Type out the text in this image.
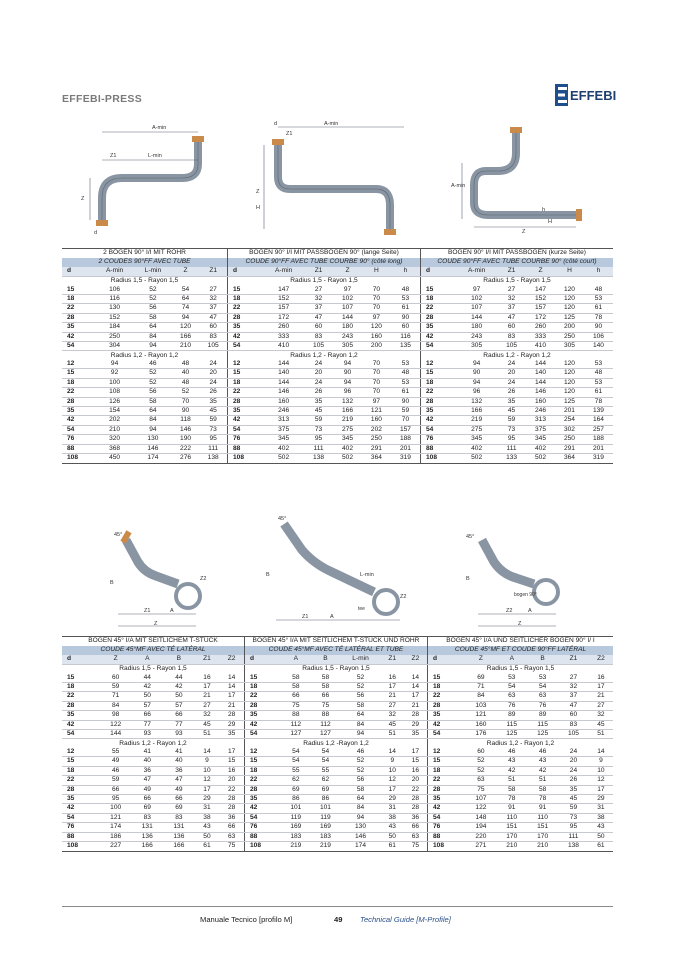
EFFEBI-PRESS	EFFEBI
A-min
Z1	L-min
Z
d
A-min
Z1
d
Z
H
A-min
h
H
Z
45°
B
Z2
Z1	A
Z
45°
B	L-min
tee
Z2
A
Z1
45°
B
bogen 90°
A
Z2
Z
2 BÖGEN 90° I/I MIT ROHR				
2 COUDES 90°FF AVEC TUBE				
d	A-min	L-min	Z	Z1
Radius 1,5 - Rayon 1,5				
15	106	52	54	27
18	116	52	64	32
22	130	56	74	37
28	152	58	94	47
35	184	64	120	60
42	250	84	166	83
54	304	94	210	105
Radius 1,2 - Rayon 1,2				
12	94	46	48	24
15	92	52	40	20
18	100	52	48	24
22	108	56	52	26
28	126	58	70	35
35	154	64	90	45
42	202	84	118	59
54	210	94	146	73
76	320	130	190	95
88	368	146	222	111
108	450	174	276	138
BOGEN 90° I/I MIT PASSBOGEN 90° (lange Seite)					
COUDE 90°FF AVEC TUBE COURBE 90° (côté long)					
d	A-min	Z1	Z	H	h
Radius 1,5 - Rayon 1,5					
15	147	27	97	70	48
18	152	32	102	70	53
22	157	37	107	70	61
28	172	47	144	97	90
35	260	60	180	120	60
42	333	83	243	160	116
54	410	105	305	200	135
Radius 1,2 - Rayon 1,2					
12	144	24	94	70	53
15	140	20	90	70	48
18	144	24	94	70	53
22	146	26	96	70	61
28	160	35	132	97	90
35	246	45	166	121	59
42	313	59	219	160	70
54	375	73	275	202	157
76	345	95	345	250	188
88	402	111	402	291	201
108	502	138	502	364	319
BOGEN 90° I/I MIT PASSBOGEN (kurze Seite)					
COUDE 90°FF AVEC TUBE COURBE 90° (côté court)					
d	A-min	Z1	Z	H	h
Radius 1,5 - Rayon 1,5					
15	97	27	147	120	48
18	102	32	152	120	53
22	107	37	157	120	61
28	144	47	172	125	78
35	180	60	260	200	90
42	243	83	333	250	106
54	305	105	410	305	140
Radius 1,2 - Rayon 1,2					
12	94	24	144	120	53
15	90	20	140	120	48
18	94	24	144	120	53
22	96	26	146	120	61
28	132	35	160	125	78
35	166	45	246	201	139
42	219	59	313	254	164
54	275	73	375	302	257
76	345	95	345	250	188
88	402	111	402	291	201
108	502	133	502	364	319
BOGEN 45° I/A MIT SEITLICHEM T-STÜCK					
COUDE 45°MF AVEC TÉ LATÉRAL					
d	Z	A	B	Z1	Z2
Radius 1,5 - Rayon 1,5					
15	60	44	44	16	14
18	59	42	42	17	14
22	71	50	50	21	17
28	84	57	57	27	21
35	98	66	66	32	28
42	122	77	77	45	29
54	144	93	93	51	35
Radius 1,2 - Rayon 1,2					
12	55	41	41	14	17
15	49	40	40	9	15
18	46	36	36	10	16
22	59	47	47	12	20
28	66	49	49	17	22
35	95	66	66	29	28
42	100	69	69	31	28
54	121	83	83	38	36
76	174	131	131	43	66
88	186	136	136	50	63
108	227	166	166	61	75
BOGEN 45° I/A MIT SEITLICHEM T-STÜCK UND ROHR					
COUDE 45°MF AVEC TÉ LATÉRAL ET TUBE					
d	A	B	L-min	Z1	Z2
Radius 1,5 - Rayon 1,5					
15	58	58	52	16	14
18	58	58	52	17	14
22	66	66	56	21	17
28	75	75	58	27	21
35	88	88	64	32	28
42	112	112	84	45	29
54	127	127	94	51	35
Radius 1,2 -Rayon 1,2					
12	54	54	46	14	17
15	54	54	52	9	15
18	55	55	52	10	16
22	62	62	56	12	20
28	69	69	58	17	22
35	86	86	64	29	28
42	101	101	84	31	28
54	119	119	94	38	36
76	169	169	130	43	66
88	183	183	146	50	63
108	219	219	174	61	75
BOGEN 45° I/A UND SEITLICHER BOGEN 90° I/ I					
COUDE 45°MF ET COUDE 90°FF LATÉRAL					
d	Z	A	B	Z1	Z2
Radius 1,5 - Rayon 1,5					
15	69	53	53	27	16
18	71	54	54	32	17
22	84	63	63	37	21
28	103	76	76	47	27
35	121	89	89	60	32
42	160	115	115	83	45
54	176	125	125	105	51
Radius 1,2 - Rayon 1,2					
12	60	46	46	24	14
15	52	43	43	20	9
18	52	42	42	24	10
22	63	51	51	26	12
28	75	58	58	35	17
35	107	78	78	45	29
42	122	91	91	59	31
54	148	110	110	73	38
76	194	151	151	95	43
88	220	170	170	111	50
108	271	210	210	138	61
Manuale Tecnico [profilo M]	49 Technical Guide [M-Profile]
